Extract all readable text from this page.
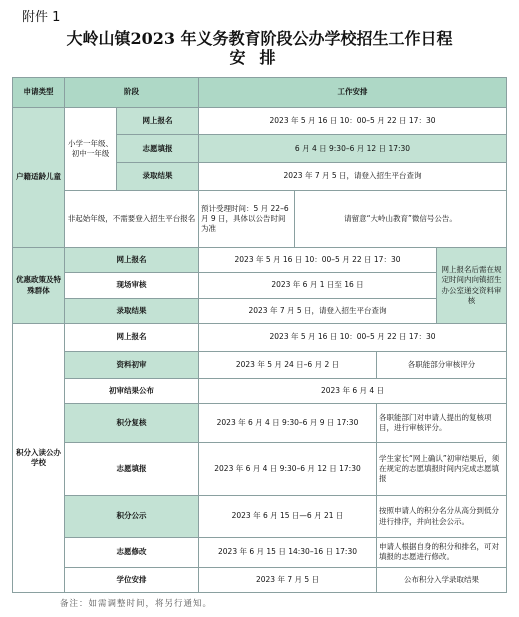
附件 1
大岭山镇2023 年义务教育阶段公办学校招生工作日程
安排
申请类型	阶段		工作安排			
户籍适龄儿童	小学一年级、初中一年级	网上报名	2023 年 5 月 16 日 10：00–5 月 22 日 17：30			
		志愿填报	6 月 4 日 9:30–6 月 12 日 17:30			
		录取结果	2023 年 7 月 5 日，请登入招生平台查询			
	非起始年级，不需要登入招生平台报名		预计受理时间：5 月 22–6 月 9 日，具体以公告时间为准	请留意“大岭山教育”微信号公告。		
优惠政策及特殊群体	网上报名		2023 年 5 月 16 日 10：00–5 月 22 日 17：30			网上报名后需在规定时间内向镇招生办公室递交资料审核
	现场审核		2023 年 6 月 1 日至 16 日			
	录取结果		2023 年 7 月 5 日，请登入招生平台查询			
积分入读公办学校	网上报名		2023 年 5 月 16 日 10：00–5 月 22 日 17：30			
	资料初审		2023 年 5 月 24 日–6 月 2 日		各职能部分审核评分	
	初审结果公布		2023 年 6 月 4 日			
	积分复核		2023 年 6 月 4 日 9:30–6 月 9 日 17:30		各职能部门对申请人提出的复核项目，进行审核评分。	
	志愿填报		2023 年 6 月 4 日 9:30–6 月 12 日 17:30		学生家长“网上确认”初审结果后，须在规定的志愿填报时间内完成志愿填报	
	积分公示		2023 年 6 月 15 日—6 月 21 日		按照申请人的积分名分从高分到低分进行排序，并向社会公示。	
	志愿修改		2023 年 6 月 15 日 14:30–16 日 17:30		申请人根据自身的积分和排名，可对填报的志愿进行修改。	
	学位安排		2023 年 7 月 5 日		公布积分入学录取结果	
备注：如需调整时间，将另行通知。
